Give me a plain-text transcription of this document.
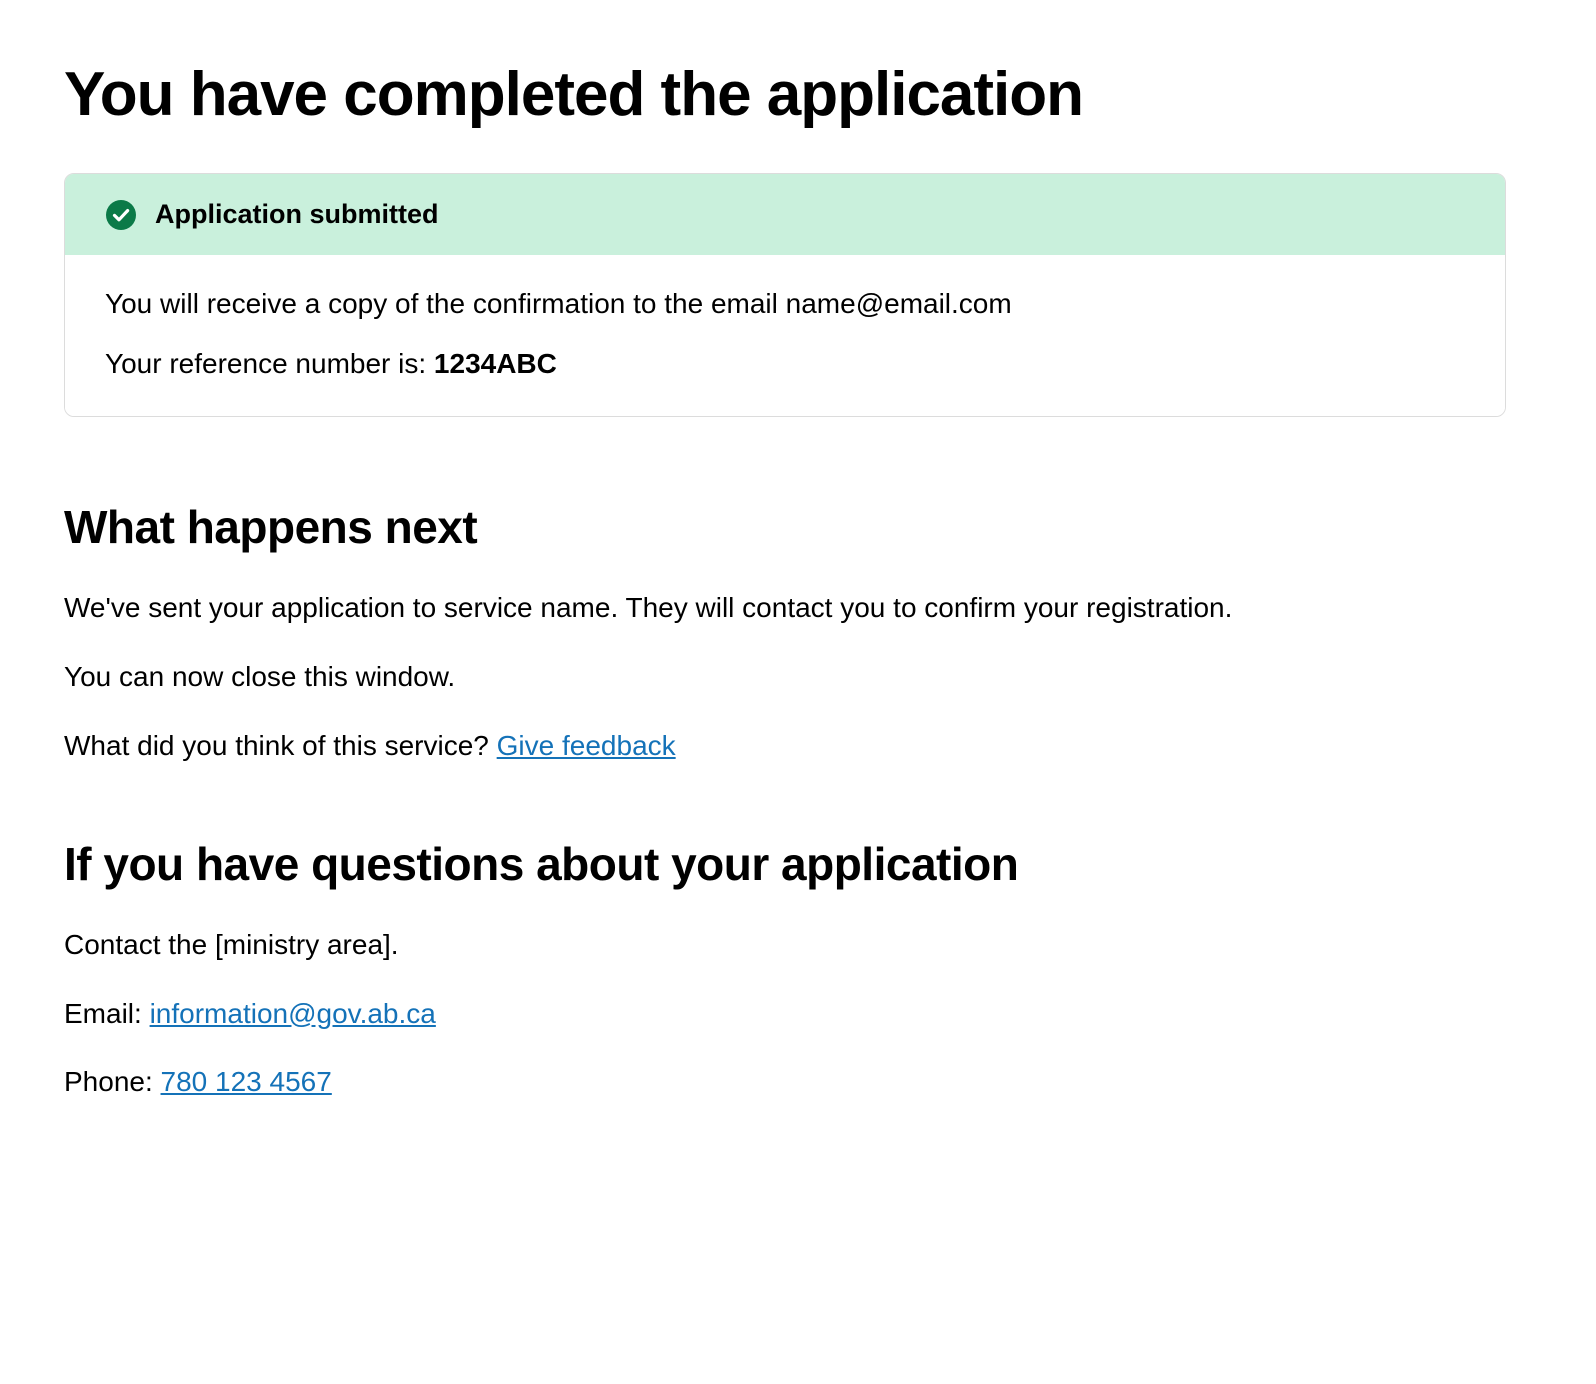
You have completed the application
Application submitted

You will receive a copy of the confirmation to the email name@email.com

Your reference number is: 1234ABC

What happens next

We've sent your application to service name. They will contact you to confirm your registration.

You can now close this window.

What did you think of this service? Give feedback

If you have questions about your application

Contact the [ministry area].

Email: information@gov.ab.ca

Phone: 780 123 4567
